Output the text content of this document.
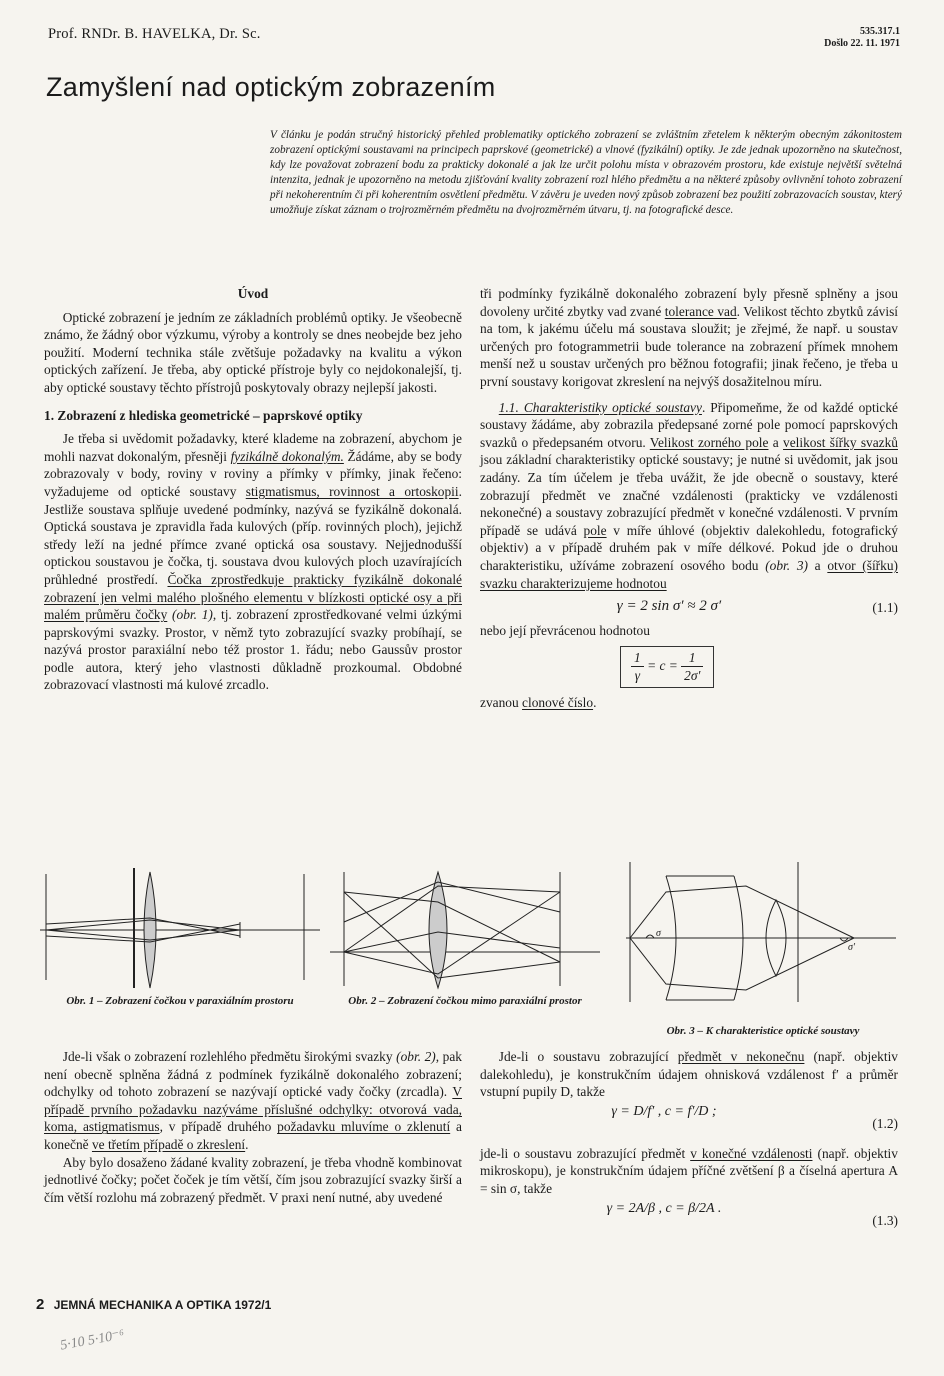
Prof. RNDr. B. HAVELKA, Dr. Sc.	535.317.1
Došlo 22. 11. 1971
Zamyšlení nad optickým zobrazením
V článku je podán stručný historický přehled problematiky optického zobrazení se zvláštním zřetelem k některým obecným zákonitostem zobrazení optickými soustavami na principech paprskové (geometrické) a vlnové (fyzikální) optiky. Je zde jednak upozorněno na skutečnost, kdy lze považovat zobrazení bodu za prakticky dokonalé a jak lze určit polohu místa v obrazovém prostoru, kde existuje největší světelná intenzita, jednak je upozorněno na metodu zjišťování kvality zobrazení rozl hlého předmětu a na některé způsoby ovlivnění tohoto zobrazení při nekoherentním či při koherentním osvětlení předmětu. V závěru je uveden nový způsob zobrazení bez použití zobrazovacích soustav, který umožňuje získat záznam o trojrozměrném předmětu na dvojrozměrném útvaru, tj. na fotografické desce.
Úvod

Optické zobrazení je jedním ze základních problémů optiky. Je všeobecně známo, že žádný obor výzkumu, výroby a kontroly se dnes neobejde bez jeho použití. Moderní technika stále zvětšuje požadavky na kvalitu a výkon optických zařízení. Je třeba, aby optické přístroje byly co nejdokonalejší, tj. aby optické soustavy těchto přístrojů poskytovaly obrazy nejlepší jakosti.

1. Zobrazení z hlediska geometrické – paprskové optiky

Je třeba si uvědomit požadavky, které klademe na zobrazení, abychom je mohli nazvat dokonalým, přesněji fyzikálně dokonalým. Žádáme, aby se body zobrazovaly v body, roviny v roviny a přímky v přímky, jinak řečeno: vyžadujeme od optické soustavy stigmatismus, rovinnost a ortoskopii. Jestliže soustava splňuje uvedené podmínky, nazývá se fyzikálně dokonalá. Optická soustava je zpravidla řada kulových (příp. rovinných ploch), jejichž středy leží na jedné přímce zvané optická osa soustavy. Nejjednodušší optickou soustavou je čočka, tj. soustava dvou kulových ploch uzavírajících průhledné prostředí. Čočka zprostředkuje prakticky fyzikálně dokonalé zobrazení jen velmi malého plošného elementu v blízkosti optické osy a při malém průměru čočky (obr. 1), tj. zobrazení zprostředkované velmi úzkými paprskovými svazky. Prostor, v němž tyto zobrazující svazky probíhají, se nazývá prostor paraxiální nebo též prostor 1. řádu; nebo Gaussův prostor podle autora, který jeho vlastnosti důkladně prozkoumal. Obdobné zobrazovací vlastnosti má kulové zrcadlo.

tři podmínky fyzikálně dokonalého zobrazení byly přesně splněny a jsou dovoleny určité zbytky vad zvané tolerance vad. Velikost těchto zbytků závisí na tom, k jakému účelu má soustava sloužit; je zřejmé, že např. u soustav určených pro fotogrammetrii bude tolerance na zobrazení přímek mnohem menší než u soustav určených pro běžnou fotografii; jinak řečeno, je třeba u první soustavy korigovat zkreslení na nejvýš dosažitelnou míru.

1.1. Charakteristiky optické soustavy. Připomeňme, že od každé optické soustavy žádáme, aby zobrazila předepsané zorné pole pomocí paprskových svazků o předepsaném otvoru. Velikost zorného pole a velikost šířky svazků jsou základní charakteristiky optické soustavy; je nutné si uvědomit, jak jsou zadány. Za tím účelem je třeba uvážit, že jde obecně o soustavy, které zobrazují předmět ve značné vzdálenosti (prakticky ve vzdálenosti nekonečné) a soustavy zobrazující předmět v konečné vzdálenosti. V prvním případě se udává pole v míře úhlové (objektiv dalekohledu, fotografický objektiv) a v případě druhém pak v míře délkové. Pokud jde o druhou charakteristiku, užíváme zobrazení osového bodu (obr. 3) a otvor (šířku) svazku charakterizujeme hodnotou

γ = 2 sin σ′ ≈ 2 σ′	(1.1)

nebo její převrácenou hodnotou

$\frac{1}{\gamma} = c = \frac{1}{2\sigma'}$

zvanou clonové číslo.

Obr. 1 – Zobrazení čočkou v paraxiálním prostoru	Obr. 2 – Zobrazení čočkou mimo paraxiální prostor
σ
σ′
Obr. 3 – K charakteristice optické soustavy

Jde-li však o zobrazení rozlehlého předmětu širokými svazky (obr. 2), pak není obecně splněna žádná z podmínek fyzikálně dokonalého zobrazení; odchylky od tohoto zobrazení se nazývají optické vady čočky (zrcadla). V případě prvního požadavku nazýváme příslušné odchylky: otvorová vada, koma, astigmatismus, v případě druhého požadavku mluvíme o zklenutí a konečně ve třetím případě o zkreslení.

Aby bylo dosaženo žádané kvality zobrazení, je třeba vhodně kombinovat jednotlivé čočky; počet čoček je tím větší, čím jsou zobrazující svazky širší a čím větší rozlohu má zobrazený předmět. V praxi není nutné, aby uvedené

Jde-li o soustavu zobrazující předmět v nekonečnu (např. objektiv dalekohledu), je konstrukčním údajem ohnisková vzdálenost f′ a průměr vstupní pupily D, takže

γ = D/f′ , c = f′/D ;
(1.2)

jde-li o soustavu zobrazující předmět v konečné vzdálenosti (např. objektiv mikroskopu), je konstrukčním údajem příčné zvětšení β a číselná apertura A = sin σ, takže

γ = 2A/β , c = β/2A .
(1.3)
2 JEMNÁ MECHANIKA A OPTIKA 1972/1
5·10 5·10⁻⁶
